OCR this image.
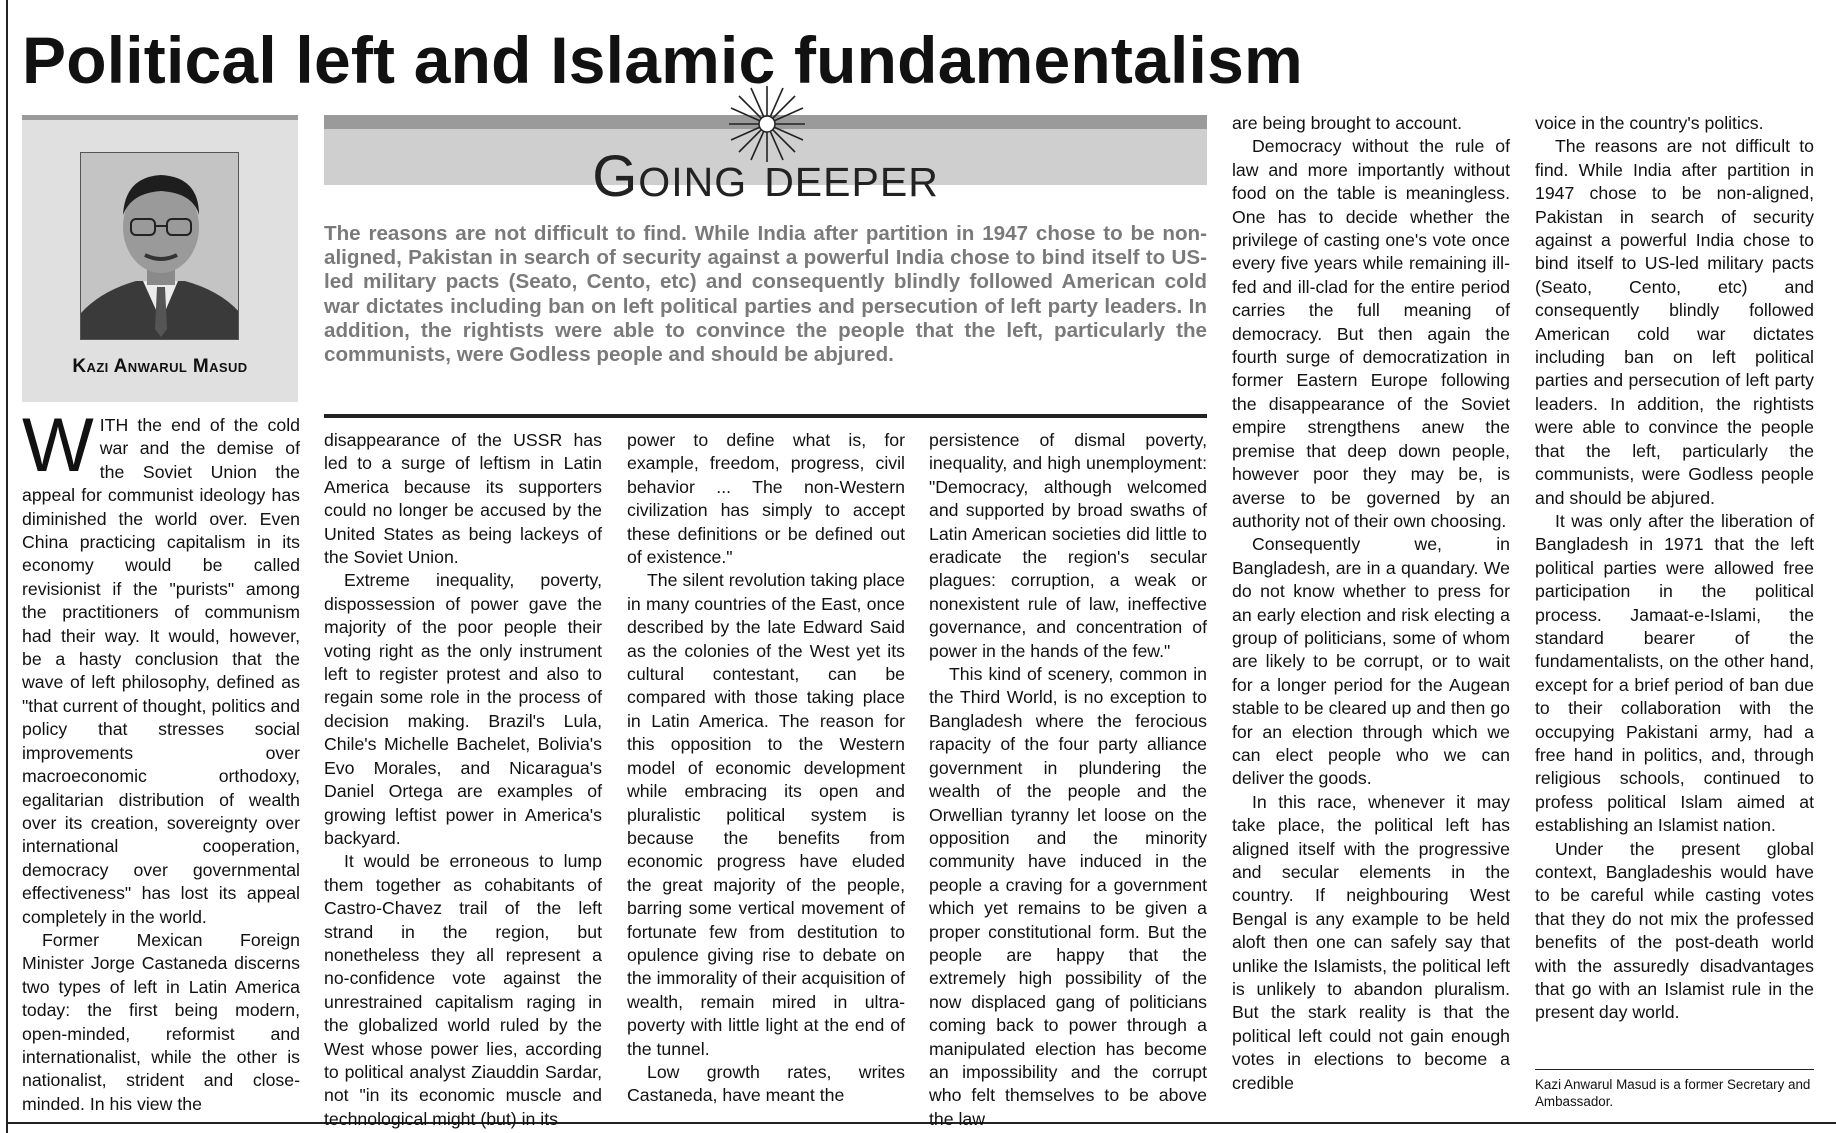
Political left and Islamic fundamentalism
Kazi Anwarul Masud
Going deeper

The reasons are not difficult to find. While India after partition in 1947 chose to be non-aligned, Pakistan in search of security against a powerful India chose to bind itself to US-led military pacts (Seato, Cento, etc) and consequently blindly followed American cold war dictates including ban on left political parties and persecution of left party leaders. In addition, the rightists were able to convince the people that the left, particularly the communists, were Godless people and should be abjured.

WITH the end of the cold war and the demise of the Soviet Union the appeal for communist ideology has diminished the world over. Even China practicing capitalism in its economy would be called revisionist if the "purists" among the practitioners of communism had their way. It would, however, be a hasty conclusion that the wave of left philosophy, defined as "that current of thought, politics and policy that stresses social improvements over macroeconomic orthodoxy, egalitarian distribution of wealth over its creation, sovereignty over international cooperation, democracy over governmental effectiveness" has lost its appeal completely in the world.

Former Mexican Foreign Minister Jorge Castaneda discerns two types of left in Latin America today: the first being modern, open-minded, reformist and internationalist, while the other is nationalist, strident and close-minded. In his view the

disappearance of the USSR has led to a surge of leftism in Latin America because its supporters could no longer be accused by the United States as being lackeys of the Soviet Union.

Extreme inequality, poverty, dispossession of power gave the majority of the poor people their voting right as the only instrument left to register protest and also to regain some role in the process of decision making. Brazil's Lula, Chile's Michelle Bachelet, Bolivia's Evo Morales, and Nicaragua's Daniel Ortega are examples of growing leftist power in America's backyard.

It would be erroneous to lump them together as cohabitants of Castro-Chavez trail of the left strand in the region, but nonetheless they all represent a no-confidence vote against the unrestrained capitalism raging in the globalized world ruled by the West whose power lies, according to political analyst Ziauddin Sardar, not "in its economic muscle and technological might (but) in its

power to define what is, for example, freedom, progress, civil behavior ... The non-Western civilization has simply to accept these definitions or be defined out of existence."

The silent revolution taking place in many countries of the East, once described by the late Edward Said as the colonies of the West yet its cultural contestant, can be compared with those taking place in Latin America. The reason for this opposition to the Western model of economic development while embracing its open and pluralistic political system is because the benefits from economic progress have eluded the great majority of the people, barring some vertical movement of fortunate few from destitution to opulence giving rise to debate on the immorality of their acquisition of wealth, remain mired in ultra-poverty with little light at the end of the tunnel.

Low growth rates, writes Castaneda, have meant the

persistence of dismal poverty, inequality, and high unemployment: "Democracy, although welcomed and supported by broad swaths of Latin American societies did little to eradicate the region's secular plagues: corruption, a weak or nonexistent rule of law, ineffective governance, and concentration of power in the hands of the few."

This kind of scenery, common in the Third World, is no exception to Bangladesh where the ferocious rapacity of the four party alliance government in plundering the wealth of the people and the Orwellian tyranny let loose on the opposition and the minority community have induced in the people a craving for a government which yet remains to be given a proper constitutional form. But the people are happy that the extremely high possibility of the now displaced gang of politicians coming back to power through a manipulated election has become an impossibility and the corrupt who felt themselves to be above the law

are being brought to account.

Democracy without the rule of law and more importantly without food on the table is meaningless. One has to decide whether the privilege of casting one's vote once every five years while remaining ill-fed and ill-clad for the entire period carries the full meaning of democracy. But then again the fourth surge of democratization in former Eastern Europe following the disappearance of the Soviet empire strengthens anew the premise that deep down people, however poor they may be, is averse to be governed by an authority not of their own choosing.

Consequently we, in Bangladesh, are in a quandary. We do not know whether to press for an early election and risk electing a group of politicians, some of whom are likely to be corrupt, or to wait for a longer period for the Augean stable to be cleared up and then go for an election through which we can elect people who we can deliver the goods.

In this race, whenever it may take place, the political left has aligned itself with the progressive and secular elements in the country. If neighbouring West Bengal is any example to be held aloft then one can safely say that unlike the Islamists, the political left is unlikely to abandon pluralism. But the stark reality is that the political left could not gain enough votes in elections to become a credible

voice in the country's politics.

The reasons are not difficult to find. While India after partition in 1947 chose to be non-aligned, Pakistan in search of security against a powerful India chose to bind itself to US-led military pacts (Seato, Cento, etc) and consequently blindly followed American cold war dictates including ban on left political parties and persecution of left party leaders. In addition, the rightists were able to convince the people that the left, particularly the communists, were Godless people and should be abjured.

It was only after the liberation of Bangladesh in 1971 that the left political parties were allowed free participation in the political process. Jamaat-e-Islami, the standard bearer of the fundamentalists, on the other hand, except for a brief period of ban due to their collaboration with the occupying Pakistani army, had a free hand in politics, and, through religious schools, continued to profess political Islam aimed at establishing an Islamist nation.

Under the present global context, Bangladeshis would have to be careful while casting votes that they do not mix the professed benefits of the post-death world with the assuredly disadvantages that go with an Islamist rule in the present day world.

Kazi Anwarul Masud is a former Secretary and Ambassador.
